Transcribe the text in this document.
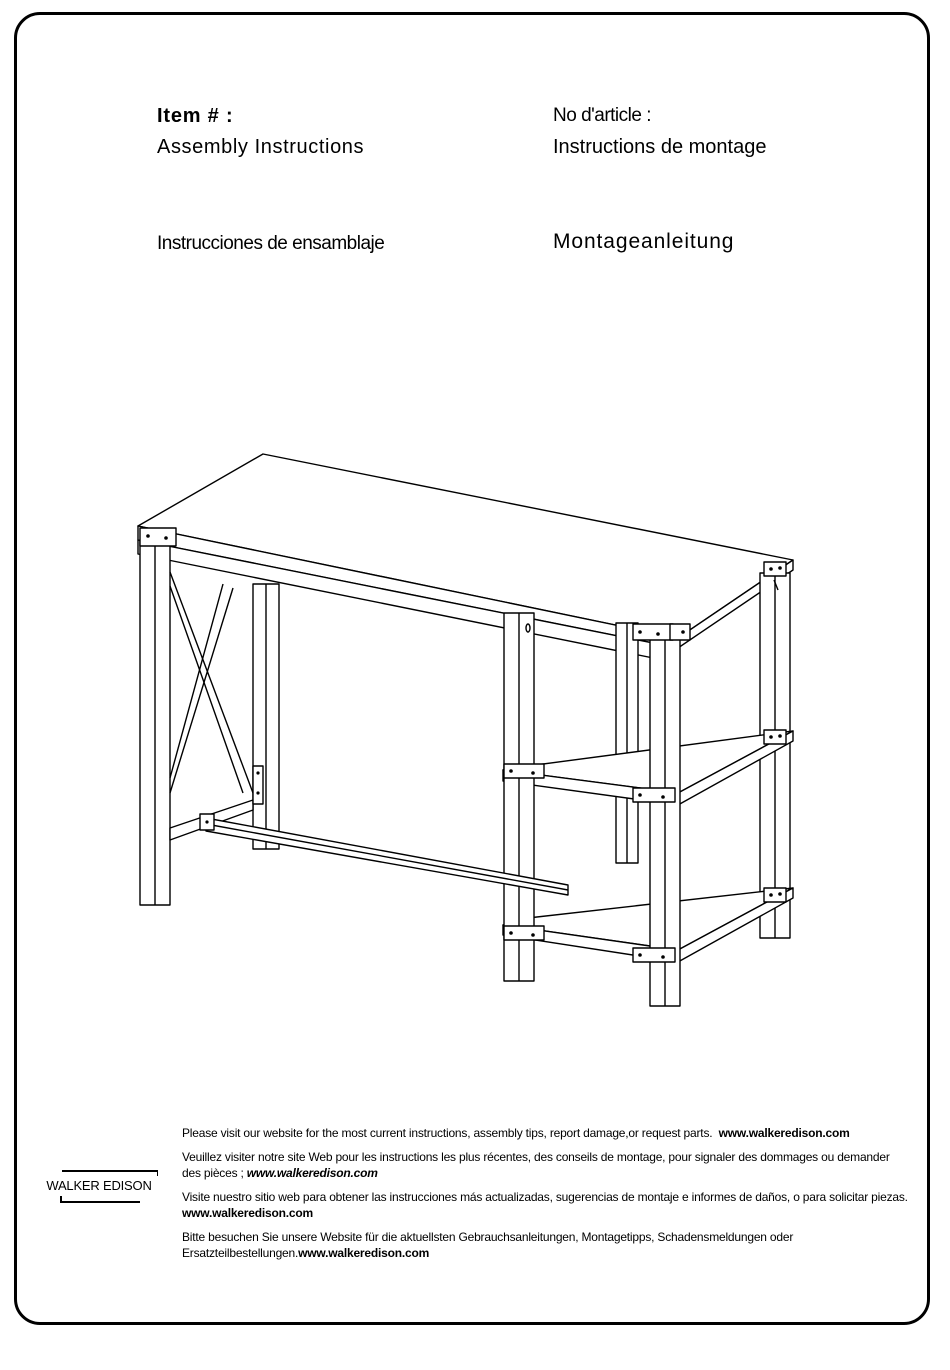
Item # :
Assembly Instructions
No d'article :
Instructions de montage
Instrucciones de ensamblaje	Montageanleitung

Please visit our website for the most current instructions, assembly tips, report damage,or request parts. www.walkeredison.com

Veuillez visiter notre site Web pour les instructions les plus récentes, des conseils de montage, pour signaler des dommages ou demander des pièces ; www.walkeredison.com

Visite nuestro sitio web para obtener las instrucciones más actualizadas, sugerencias de montaje e informes de daños, o para solicitar piezas. www.walkeredison.com

Bitte besuchen Sie unsere Website für die aktuellsten Gebrauchsanleitungen, Montagetipps, Schadensmeldungen oder Ersatzteilbestellungen.www.walkeredison.com

WALKER EDISON
